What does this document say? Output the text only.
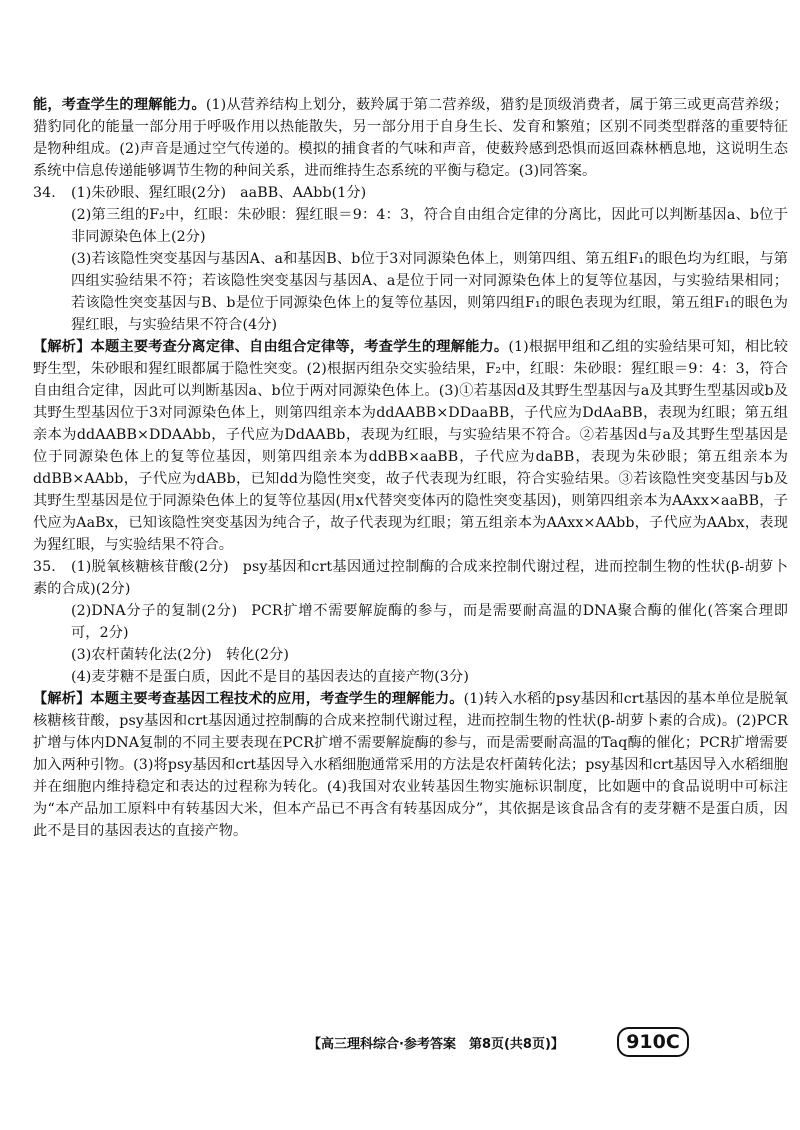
能，考查学生的理解能力。(1)从营养结构上划分，薮羚属于第二营养级，猎豹是顶级消费者，属于第三或更高营养级；猎豹同化的能量一部分用于呼吸作用以热能散失，另一部分用于自身生长、发育和繁殖；区别不同类型群落的重要特征是物种组成。(2)声音是通过空气传递的。模拟的捕食者的气味和声音，使薮羚感到恐惧而返回森林栖息地，这说明生态系统中信息传递能够调节生物的种间关系，进而维持生态系统的平衡与稳定。(3)同答案。

34. (1)朱砂眼、猩红眼(2分) aaBB、AAbb(1分)

(2)第三组的F₂中，红眼：朱砂眼：猩红眼＝9：4：3，符合自由组合定律的分离比，因此可以判断基因a、b位于非同源染色体上(2分)

(3)若该隐性突变基因与基因A、a和基因B、b位于3对同源染色体上，则第四组、第五组F₁的眼色均为红眼，与第四组实验结果不符；若该隐性突变基因与基因A、a是位于同一对同源染色体上的复等位基因，与实验结果相同；若该隐性突变基因与B、b是位于同源染色体上的复等位基因，则第四组F₁的眼色表现为红眼，第五组F₁的眼色为猩红眼，与实验结果不符合(4分)

【解析】本题主要考查分离定律、自由组合定律等，考查学生的理解能力。(1)根据甲组和乙组的实验结果可知，相比较野生型，朱砂眼和猩红眼都属于隐性突变。(2)根据丙组杂交实验结果，F₂中，红眼：朱砂眼：猩红眼＝9：4：3，符合自由组合定律，因此可以判断基因a、b位于两对同源染色体上。(3)①若基因d及其野生型基因与a及其野生型基因或b及其野生型基因位于3对同源染色体上，则第四组亲本为ddAABB×DDaaBB，子代应为DdAaBB，表现为红眼；第五组亲本为ddAABB×DDAAbb，子代应为DdAABb，表现为红眼，与实验结果不符合。②若基因d与a及其野生型基因是位于同源染色体上的复等位基因，则第四组亲本为ddBB×aaBB，子代应为daBB，表现为朱砂眼；第五组亲本为ddBB×AAbb，子代应为dABb，已知dd为隐性突变，故子代表现为红眼，符合实验结果。③若该隐性突变基因与b及其野生型基因是位于同源染色体上的复等位基因(用x代替突变体丙的隐性突变基因)，则第四组亲本为AAxx×aaBB，子代应为AaBx，已知该隐性突变基因为纯合子，故子代表现为红眼；第五组亲本为AAxx×AAbb，子代应为AAbx，表现为猩红眼，与实验结果不符合。

35. (1)脱氧核糖核苷酸(2分) psy基因和crt基因通过控制酶的合成来控制代谢过程，进而控制生物的性状(β-胡萝卜素的合成)(2分)

(2)DNA分子的复制(2分) PCR扩增不需要解旋酶的参与，而是需要耐高温的DNA聚合酶的催化(答案合理即可，2分)

(3)农杆菌转化法(2分) 转化(2分)

(4)麦芽糖不是蛋白质，因此不是目的基因表达的直接产物(3分)

【解析】本题主要考查基因工程技术的应用，考查学生的理解能力。(1)转入水稻的psy基因和crt基因的基本单位是脱氧核糖核苷酸，psy基因和crt基因通过控制酶的合成来控制代谢过程，进而控制生物的性状(β-胡萝卜素的合成)。(2)PCR扩增与体内DNA复制的不同主要表现在PCR扩增不需要解旋酶的参与，而是需要耐高温的Taq酶的催化；PCR扩增需要加入两种引物。(3)将psy基因和crt基因导入水稻细胞通常采用的方法是农杆菌转化法；psy基因和crt基因导入水稻细胞并在细胞内维持稳定和表达的过程称为转化。(4)我国对农业转基因生物实施标识制度，比如题中的食品说明中可标注为“本产品加工原料中有转基因大米，但本产品已不再含有转基因成分”，其依据是该食品含有的麦芽糖不是蛋白质，因此不是目的基因表达的直接产物。

【高三理科综合·参考答案　第8页(共8页)】	910C
